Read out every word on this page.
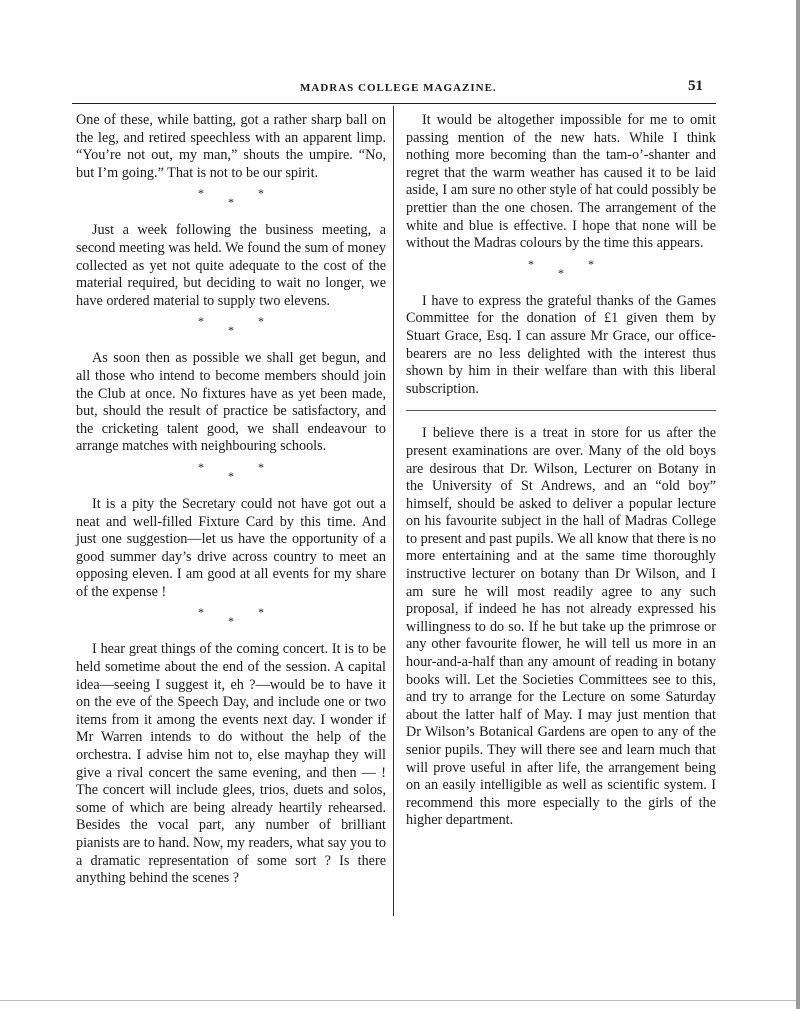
MADRAS COLLEGE MAGAZINE.	51

One of these, while batting, got a rather sharp ball on the leg, and retired speechless with an apparent limp. “You’re not out, my man,” shouts the umpire. “No, but I’m going.” That is not to be our spirit.

***

Just a week following the business meeting, a second meeting was held. We found the sum of money collected as yet not quite adequate to the cost of the material required, but deciding to wait no longer, we have ordered material to supply two elevens.

***

As soon then as possible we shall get begun, and all those who intend to become members should join the Club at once. No fixtures have as yet been made, but, should the result of practice be satisfactory, and the cricketing talent good, we shall endeavour to arrange matches with neighbouring schools.

***

It is a pity the Secretary could not have got out a neat and well-filled Fixture Card by this time. And just one suggestion—let us have the opportunity of a good summer day’s drive across country to meet an opposing eleven. I am good at all events for my share of the expense !

***

I hear great things of the coming concert. It is to be held sometime about the end of the session. A capital idea—seeing I suggest it, eh ?—would be to have it on the eve of the Speech Day, and include one or two items from it among the events next day. I wonder if Mr Warren intends to do without the help of the orchestra. I advise him not to, else mayhap they will give a rival concert the same evening, and then — ! The concert will include glees, trios, duets and solos, some of which are being already heartily rehearsed. Besides the vocal part, any number of brilliant pianists are to hand. Now, my readers, what say you to a dramatic representation of some sort ? Is there anything behind the scenes ?

It would be altogether impossible for me to omit passing mention of the new hats. While I think nothing more becoming than the tam-o’-shanter and regret that the warm weather has caused it to be laid aside, I am sure no other style of hat could possibly be prettier than the one chosen. The arrangement of the white and blue is effective. I hope that none will be without the Madras colours by the time this appears.

***

I have to express the grateful thanks of the Games Committee for the donation of £1 given them by Stuart Grace, Esq. I can assure Mr Grace, our office-bearers are no less delighted with the interest thus shown by him in their welfare than with this liberal subscription.

I believe there is a treat in store for us after the present examinations are over. Many of the old boys are desirous that Dr. Wilson, Lecturer on Botany in the University of St Andrews, and an “old boy” himself, should be asked to deliver a popular lecture on his favourite subject in the hall of Madras College to present and past pupils. We all know that there is no more entertaining and at the same time thoroughly instructive lecturer on botany than Dr Wilson, and I am sure he will most readily agree to any such proposal, if indeed he has not already expressed his willingness to do so. If he but take up the primrose or any other favourite flower, he will tell us more in an hour-and-a-half than any amount of reading in botany books will. Let the Societies Committees see to this, and try to arrange for the Lecture on some Saturday about the latter half of May. I may just mention that Dr Wilson’s Botanical Gardens are open to any of the senior pupils. They will there see and learn much that will prove useful in after life, the arrangement being on an easily intelligible as well as scientific system. I recommend this more especially to the girls of the higher department.
